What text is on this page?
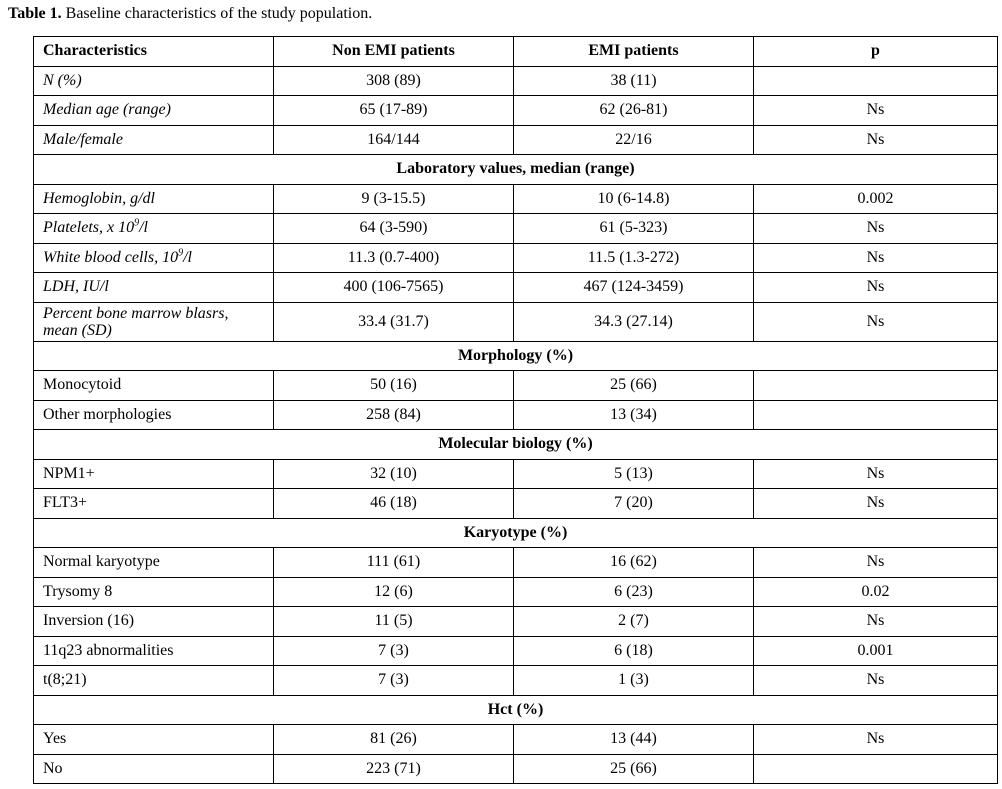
Table 1. Baseline characteristics of the study population.
Characteristics	Non EMI patients	EMI patients	p
N (%)	308 (89)	38 (11)	
Median age (range)	65 (17-89)	62 (26-81)	Ns
Male/female	164/144	22/16	Ns
Laboratory values, median (range)			
Hemoglobin, g/dl	9 (3-15.5)	10 (6-14.8)	0.002
Platelets, x $10^9/l$	64 (3-590)	61 (5-323)	Ns
White blood cells, $10^9/l$	11.3 (0.7-400)	11.5 (1.3-272)	Ns
LDH, IU/l	400 (106-7565)	467 (124-3459)	Ns
Percent bone marrow blasrs, mean (SD)	33.4 (31.7)	34.3 (27.14)	Ns
Morphology (%)			
Monocytoid	50 (16)	25 (66)	
Other morphologies	258 (84)	13 (34)	
Molecular biology (%)			
NPM1+	32 (10)	5 (13)	Ns
FLT3+	46 (18)	7 (20)	Ns
Karyotype (%)			
Normal karyotype	111 (61)	16 (62)	Ns
Trysomy 8	12 (6)	6 (23)	0.02
Inversion (16)	11 (5)	2 (7)	Ns
11q23 abnormalities	7 (3)	6 (18)	0.001
t(8;21)	7 (3)	1 (3)	Ns
Hct (%)			
Yes	81 (26)	13 (44)	Ns
No	223 (71)	25 (66)	
